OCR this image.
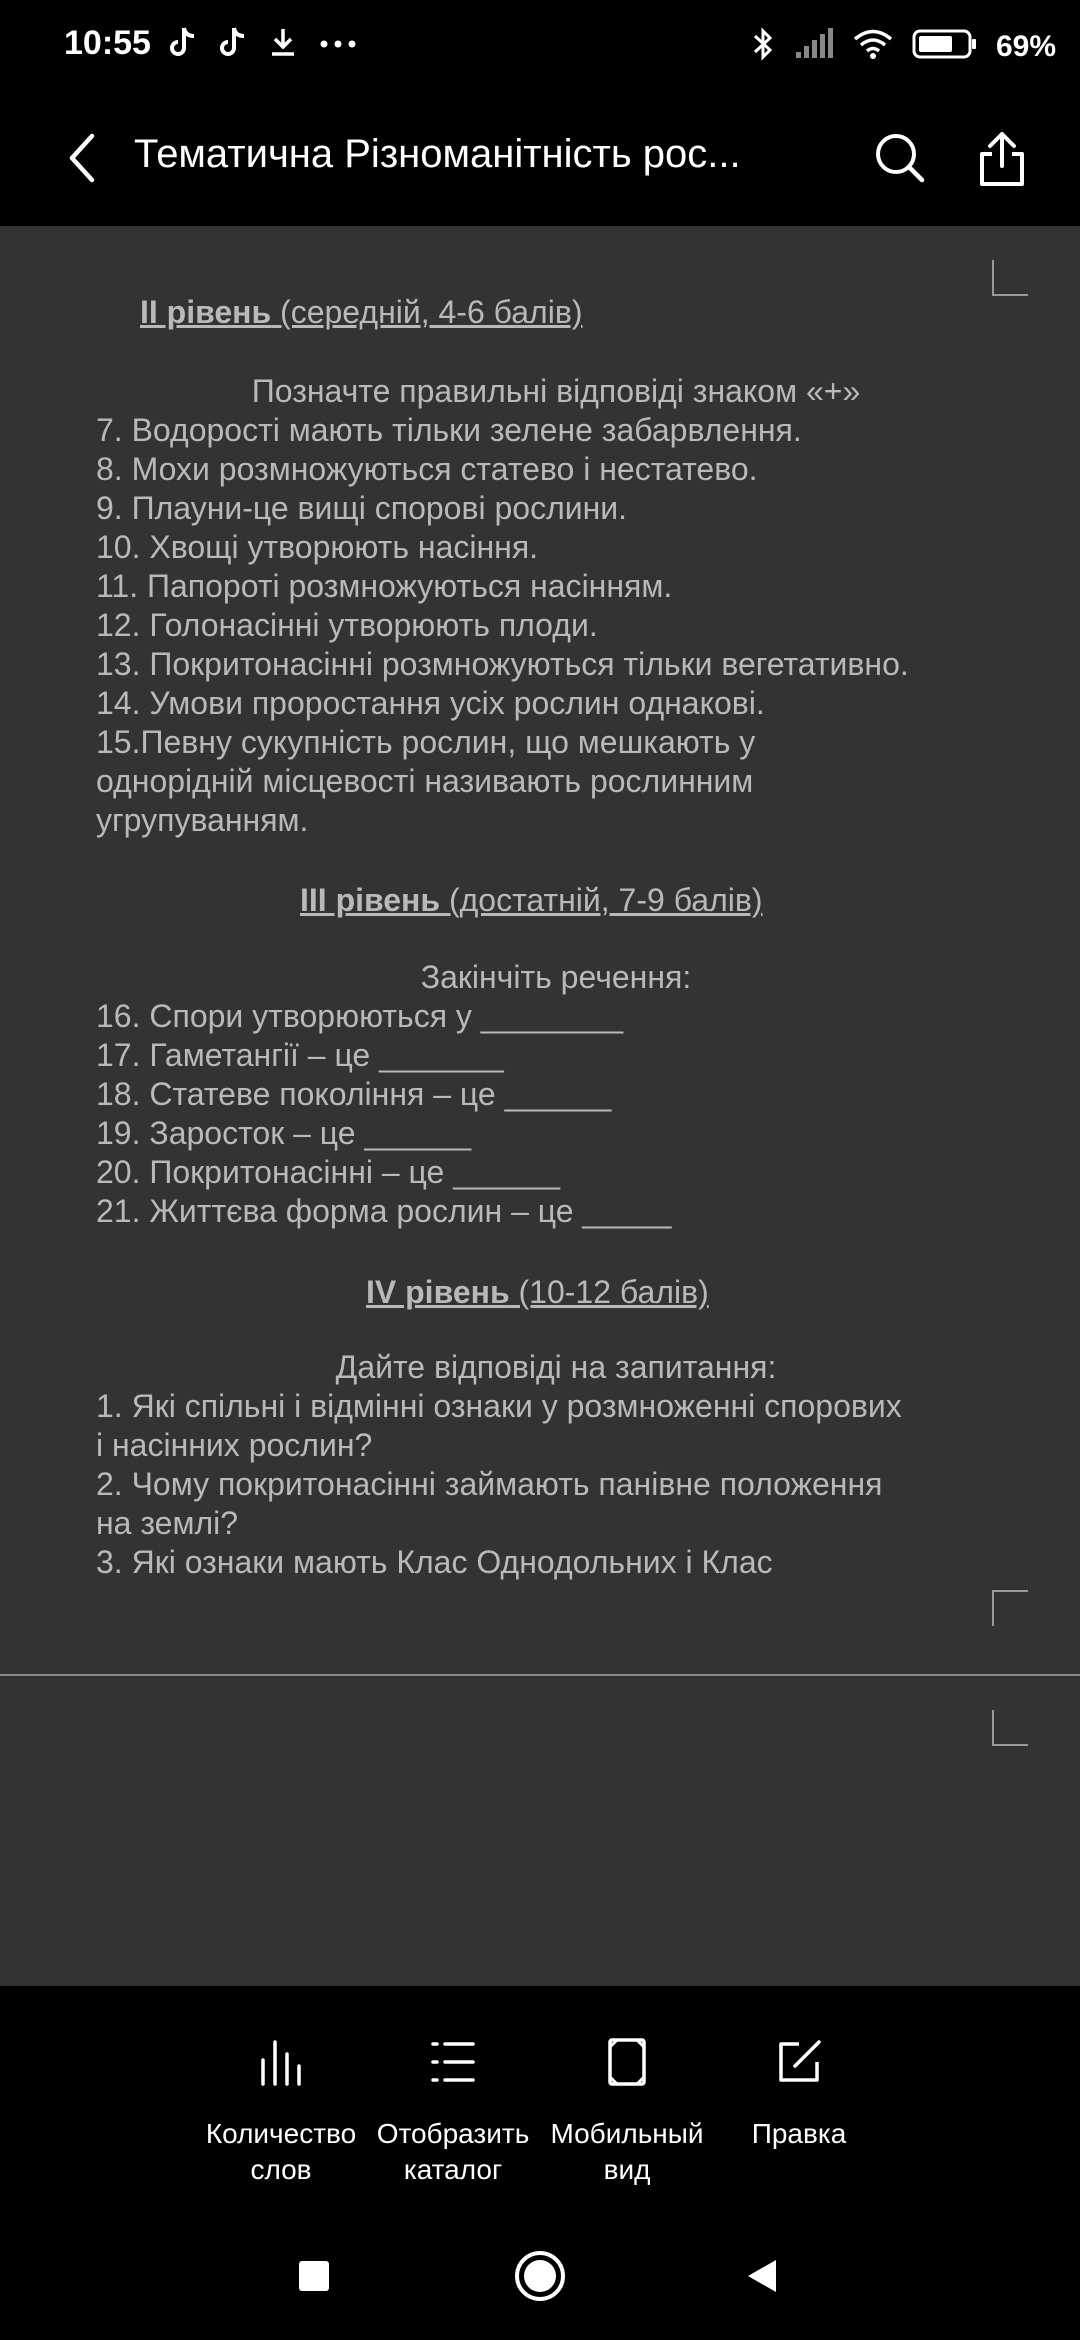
10:55	69%
Тематична Різноманітність рос...
II рівень (середній, 4-6 балів)
Позначте правильні відповіді знаком «+»
7. Водорості мають тільки зелене забарвлення.
8. Мохи розмножуються статево і нестатево.
9. Плауни-це вищі спорові рослини.
10. Хвощі утворюють насіння.
11. Папороті розмножуються насінням.
12. Голонасінні утворюють плоди.
13. Покритонасінні розмножуються тільки вегетативно.
14. Умови проростання усіх рослин однакові.
15.Певну сукупність рослин, що мешкають у
однорідній місцевості називають рослинним
угрупуванням.
III рівень (достатній, 7-9 балів)
Закінчіть речення:
16. Спори утворюються у ________
17. Гаметангії – це _______
18. Статеве покоління – це ______
19. Заросток – це ______
20. Покритонасінні – це ______
21. Життєва форма рослин – це _____
IV рівень (10-12 балів)
Дайте відповіді на запитання:
1. Які спільні і відмінні ознаки у розмноженні спорових
і насінних рослин?
2. Чому покритонасінні займають панівне положення
на землі?
3. Які ознаки мають Клас Однодольних і Клас
Количество
слов
Отобразить
каталог
Мобильный
вид
Правка
